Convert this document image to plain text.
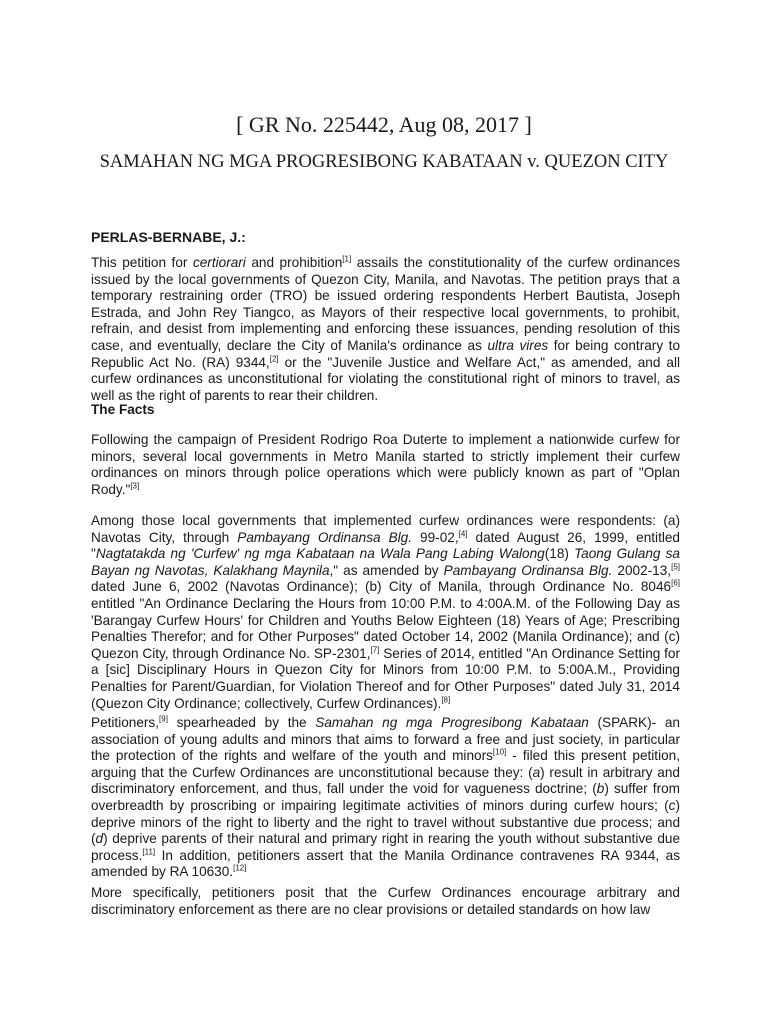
[ GR No. 225442, Aug 08, 2017 ]
SAMAHAN NG MGA PROGRESIBONG KABATAAN v. QUEZON CITY
PERLAS-BERNABE, J.:

This petition for certiorari and prohibition[1] assails the constitutionality of the curfew ordinances issued by the local governments of Quezon City, Manila, and Navotas. The petition prays that a temporary restraining order (TRO) be issued ordering respondents Herbert Bautista, Joseph Estrada, and John Rey Tiangco, as Mayors of their respective local governments, to prohibit, refrain, and desist from implementing and enforcing these issuances, pending resolution of this case, and eventually, declare the City of Manila's ordinance as ultra vires for being contrary to Republic Act No. (RA) 9344,[2] or the "Juvenile Justice and Welfare Act," as amended, and all curfew ordinances as unconstitutional for violating the constitutional right of minors to travel, as well as the right of parents to rear their children.

The Facts

Following the campaign of President Rodrigo Roa Duterte to implement a nationwide curfew for minors, several local governments in Metro Manila started to strictly implement their curfew ordinances on minors through police operations which were publicly known as part of "Oplan Rody."[3]

Among those local governments that implemented curfew ordinances were respondents: (a) Navotas City, through Pambayang Ordinansa Blg. 99-02,[4] dated August 26, 1999, entitled "Nagtatakda ng 'Curfew' ng mga Kabataan na Wala Pang Labing Walong(18) Taong Gulang sa Bayan ng Navotas, Kalakhang Maynila," as amended by Pambayang Ordinansa Blg. 2002-13,[5] dated June 6, 2002 (Navotas Ordinance); (b) City of Manila, through Ordinance No. 8046[6] entitled "An Ordinance Declaring the Hours from 10:00 P.M. to 4:00A.M. of the Following Day as 'Barangay Curfew Hours' for Children and Youths Below Eighteen (18) Years of Age; Prescribing Penalties Therefor; and for Other Purposes" dated October 14, 2002 (Manila Ordinance); and (c) Quezon City, through Ordinance No. SP-2301,[7] Series of 2014, entitled "An Ordinance Setting for a [sic] Disciplinary Hours in Quezon City for Minors from 10:00 P.M. to 5:00A.M., Providing Penalties for Parent/Guardian, for Violation Thereof and for Other Purposes" dated July 31, 2014 (Quezon City Ordinance; collectively, Curfew Ordinances).[8]

Petitioners,[9] spearheaded by the Samahan ng mga Progresibong Kabataan (SPARK)- an association of young adults and minors that aims to forward a free and just society, in particular the protection of the rights and welfare of the youth and minors[10] - filed this present petition, arguing that the Curfew Ordinances are unconstitutional because they: (a) result in arbitrary and discriminatory enforcement, and thus, fall under the void for vagueness doctrine; (b) suffer from overbreadth by proscribing or impairing legitimate activities of minors during curfew hours; (c) deprive minors of the right to liberty and the right to travel without substantive due process; and (d) deprive parents of their natural and primary right in rearing the youth without substantive due process.[11] In addition, petitioners assert that the Manila Ordinance contravenes RA 9344, as amended by RA 10630.[12]

More specifically, petitioners posit that the Curfew Ordinances encourage arbitrary and discriminatory enforcement as there are no clear provisions or detailed standards on how law
